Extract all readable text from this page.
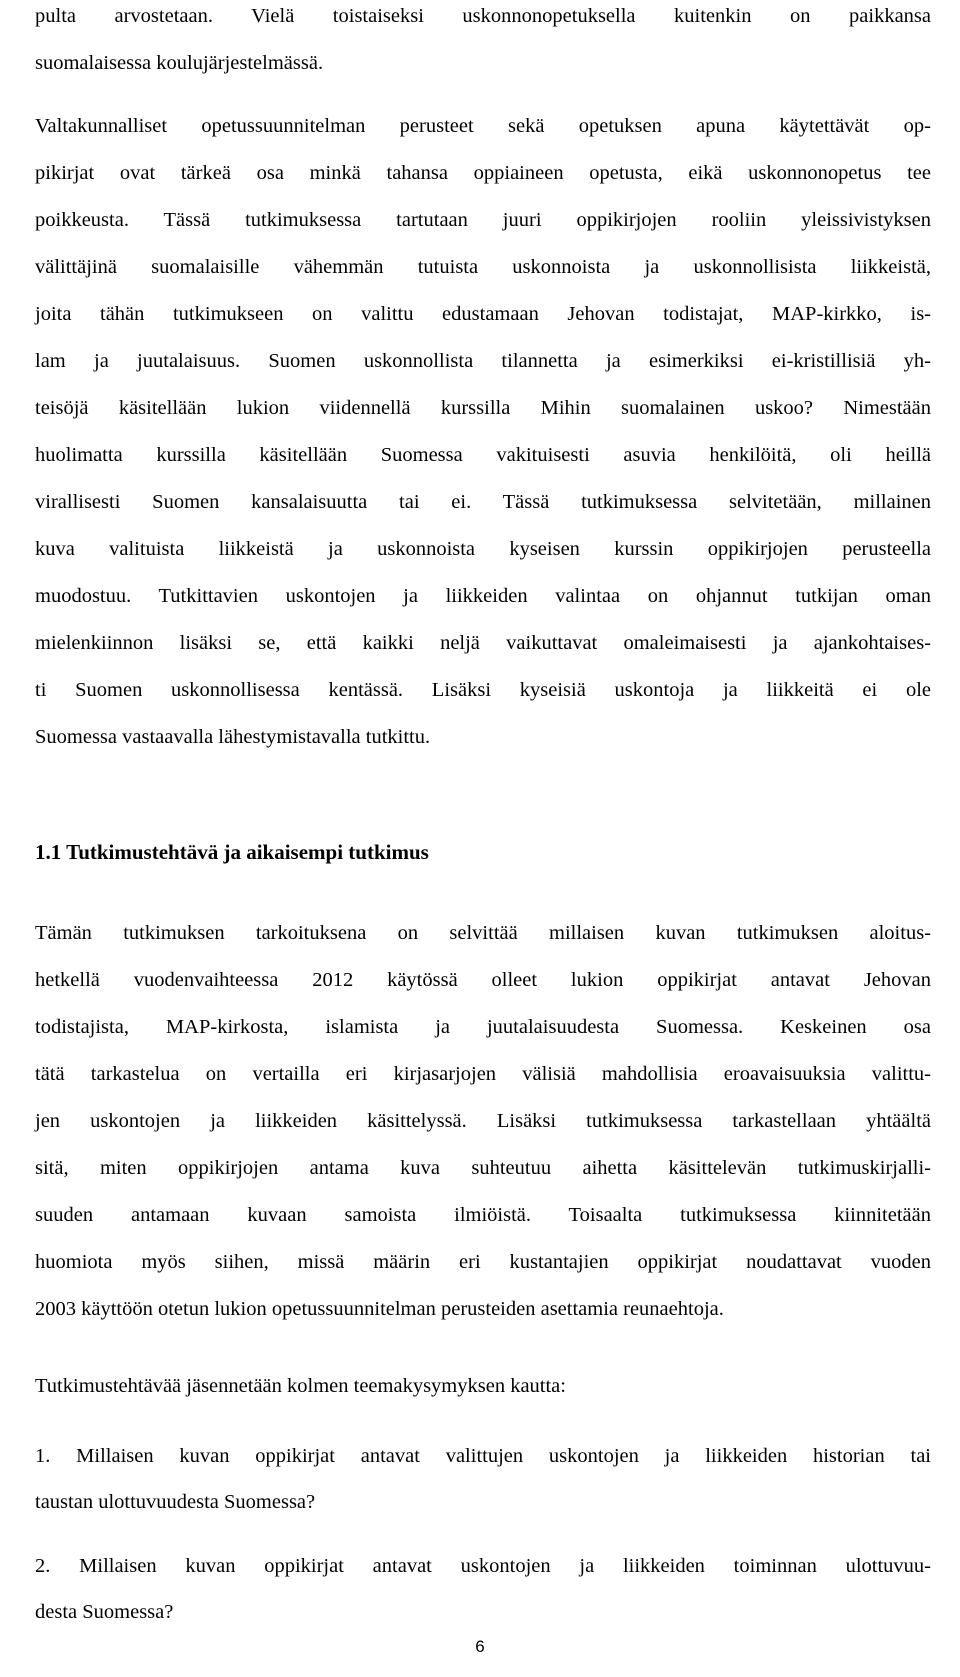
pulta arvostetaan. Vielä toistaiseksi uskonnonopetuksella kuitenkin on paikkansa
suomalaisessa koulujärjestelmässä.
Valtakunnalliset opetussuunnitelman perusteet sekä opetuksen apuna käytettävät op-
pikirjat ovat tärkeä osa minkä tahansa oppiaineen opetusta, eikä uskonnonopetus tee
poikkeusta. Tässä tutkimuksessa tartutaan juuri oppikirjojen rooliin yleissivistyksen
välittäjinä suomalaisille vähemmän tutuista uskonnoista ja uskonnollisista liikkeistä,
joita tähän tutkimukseen on valittu edustamaan Jehovan todistajat, MAP-kirkko, is-
lam ja juutalaisuus. Suomen uskonnollista tilannetta ja esimerkiksi ei-kristillisiä yh-
teisöjä käsitellään lukion viidennellä kurssilla Mihin suomalainen uskoo? Nimestään
huolimatta kurssilla käsitellään Suomessa vakituisesti asuvia henkilöitä, oli heillä
virallisesti Suomen kansalaisuutta tai ei. Tässä tutkimuksessa selvitetään, millainen
kuva valituista liikkeistä ja uskonnoista kyseisen kurssin oppikirjojen perusteella
muodostuu. Tutkittavien uskontojen ja liikkeiden valintaa on ohjannut tutkijan oman
mielenkiinnon lisäksi se, että kaikki neljä vaikuttavat omaleimaisesti ja ajankohtaises-
ti Suomen uskonnollisessa kentässä. Lisäksi kyseisiä uskontoja ja liikkeitä ei ole
Suomessa vastaavalla lähestymistavalla tutkittu.
1.1 Tutkimustehtävä ja aikaisempi tutkimus
Tämän tutkimuksen tarkoituksena on selvittää millaisen kuvan tutkimuksen aloitus-
hetkellä vuodenvaihteessa 2012 käytössä olleet lukion oppikirjat antavat Jehovan
todistajista, MAP-kirkosta, islamista ja juutalaisuudesta Suomessa. Keskeinen osa
tätä tarkastelua on vertailla eri kirjasarjojen välisiä mahdollisia eroavaisuuksia valittu-
jen uskontojen ja liikkeiden käsittelyssä. Lisäksi tutkimuksessa tarkastellaan yhtäältä
sitä, miten oppikirjojen antama kuva suhteutuu aihetta käsittelevän tutkimuskirjalli-
suuden antamaan kuvaan samoista ilmiöistä. Toisaalta tutkimuksessa kiinnitetään
huomiota myös siihen, missä määrin eri kustantajien oppikirjat noudattavat vuoden
2003 käyttöön otetun lukion opetussuunnitelman perusteiden asettamia reunaehtoja.
Tutkimustehtävää jäsennetään kolmen teemakysymyksen kautta:
1. Millaisen kuvan oppikirjat antavat valittujen uskontojen ja liikkeiden historian tai
taustan ulottuvuudesta Suomessa?
2. Millaisen kuvan oppikirjat antavat uskontojen ja liikkeiden toiminnan ulottuvuu-
desta Suomessa?
6
